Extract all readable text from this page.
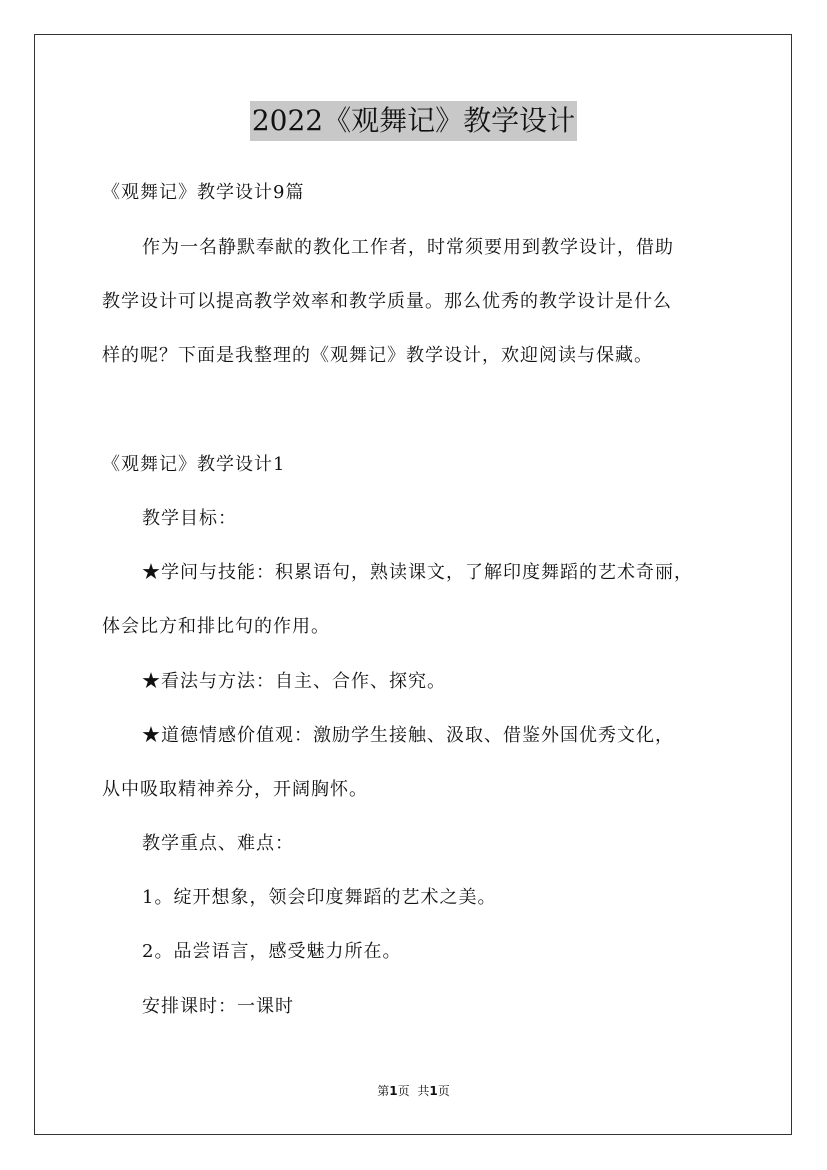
2022《观舞记》教学设计
《观舞记》教学设计9篇
作为一名静默奉献的教化工作者，时常须要用到教学设计，借助
教学设计可以提高教学效率和教学质量。那么优秀的教学设计是什么
样的呢？下面是我整理的《观舞记》教学设计，欢迎阅读与保藏。
《观舞记》教学设计1
教学目标：
★学问与技能：积累语句，熟读课文，了解印度舞蹈的艺术奇丽，
体会比方和排比句的作用。
★看法与方法：自主、合作、探究。
★道德情感价值观：激励学生接触、汲取、借鉴外国优秀文化，
从中吸取精神养分，开阔胸怀。
教学重点、难点：
1。绽开想象，领会印度舞蹈的艺术之美。
2。品尝语言，感受魅力所在。
安排课时：一课时
第1页 共1页
